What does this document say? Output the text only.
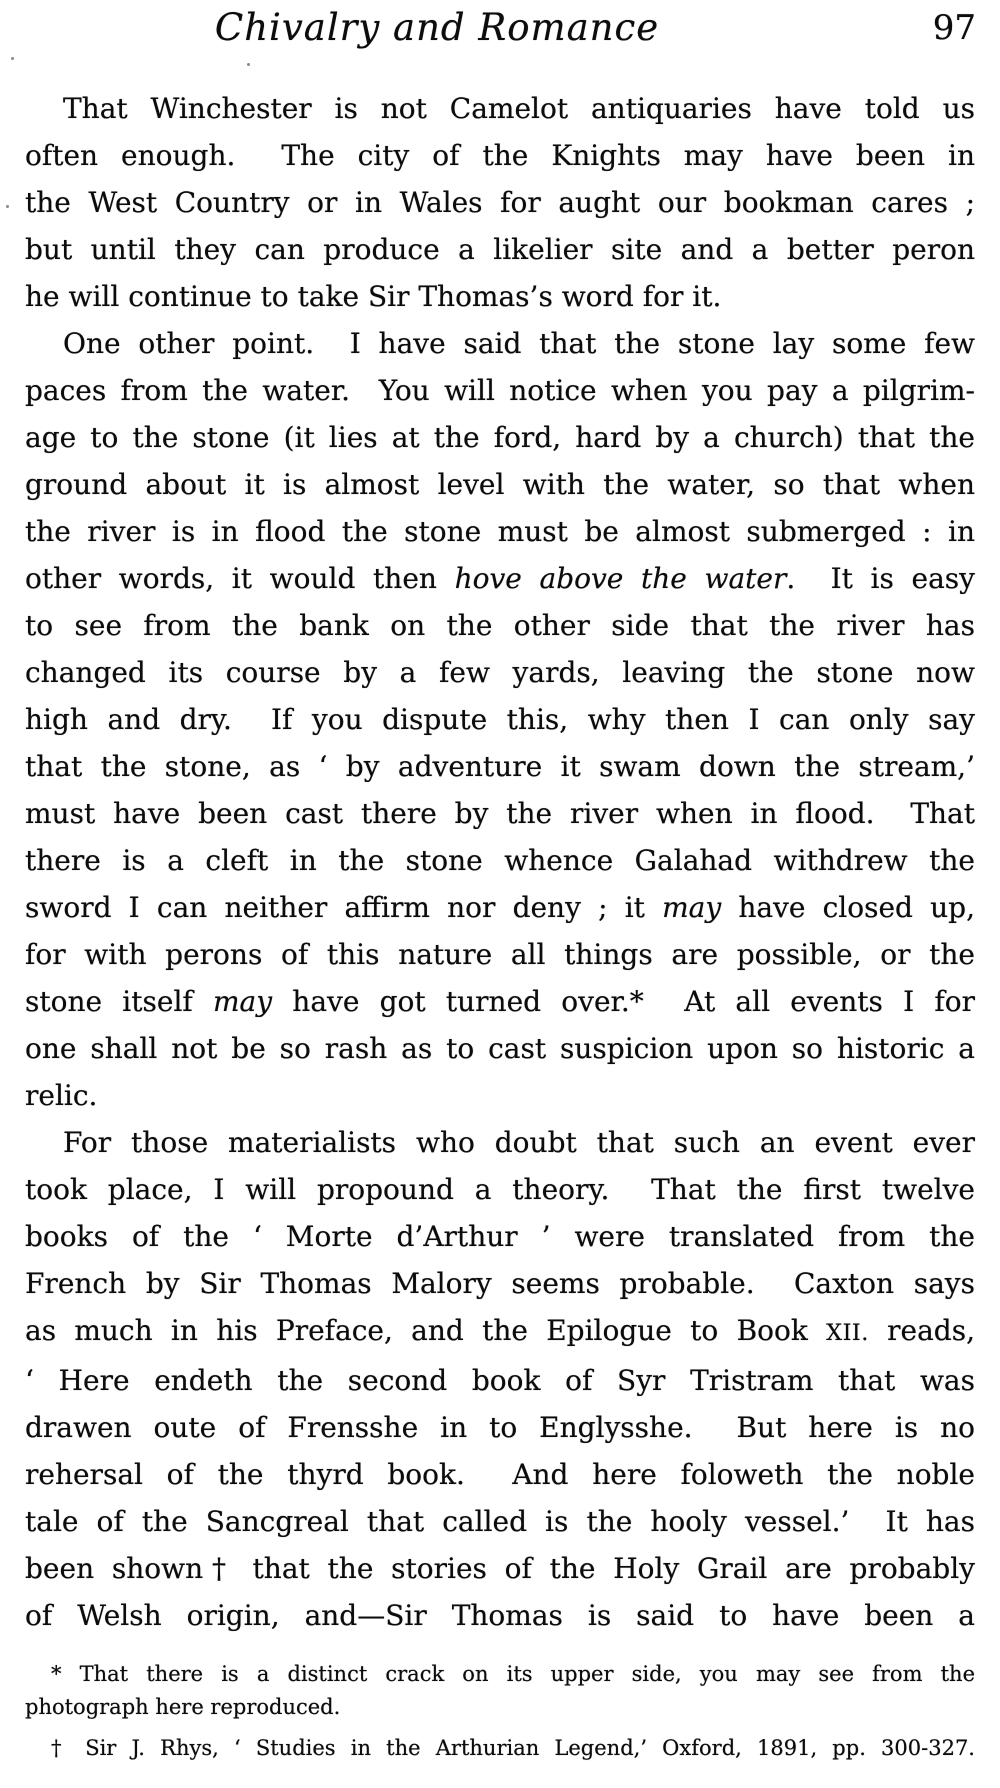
Chivalry and Romance	97
That Winchester is not Camelot antiquaries have told us
often enough.  The city of the Knights may have been in
the West Country or in Wales for aught our bookman cares ;
but until they can produce a likelier site and a better peron
he will continue to take Sir Thomas’s word for it.
One other point.  I have said that the stone lay some few
paces from the water.  You will notice when you pay a pilgrim-
age to the stone (it lies at the ford, hard by a church) that the
ground about it is almost level with the water, so that when
the river is in flood the stone must be almost submerged : in
other words, it would then hove above the water.  It is easy
to see from the bank on the other side that the river has
changed its course by a few yards, leaving the stone now
high and dry.  If you dispute this, why then I can only say
that the stone, as ‘ by adventure it swam down the stream,’
must have been cast there by the river when in flood.  That
there is a cleft in the stone whence Galahad withdrew the
sword I can neither affirm nor deny ; it may have closed up,
for with perons of this nature all things are possible, or the
stone itself may have got turned over.*  At all events I for
one shall not be so rash as to cast suspicion upon so historic a
relic.
For those materialists who doubt that such an event ever
took place, I will propound a theory.  That the first twelve
books of the ‘ Morte d’Arthur ’ were translated from the
French by Sir Thomas Malory seems probable.  Caxton says
as much in his Preface, and the Epilogue to Book XII. reads,
‘ Here endeth the second book of Syr Tristram that was
drawen oute of Frensshe in to Englysshe.  But here is no
rehersal of the thyrd book.  And here foloweth the noble
tale of the Sancgreal that called is the hooly vessel.’  It has
been shown† that the stories of the Holy Grail are probably
of Welsh origin, and—Sir Thomas is said to have been a
* That there is a distinct crack on its upper side, you may see from the
photograph here reproduced.
† Sir J. Rhys, ‘ Studies in the Arthurian Legend,’ Oxford, 1891, pp. 300-327.
